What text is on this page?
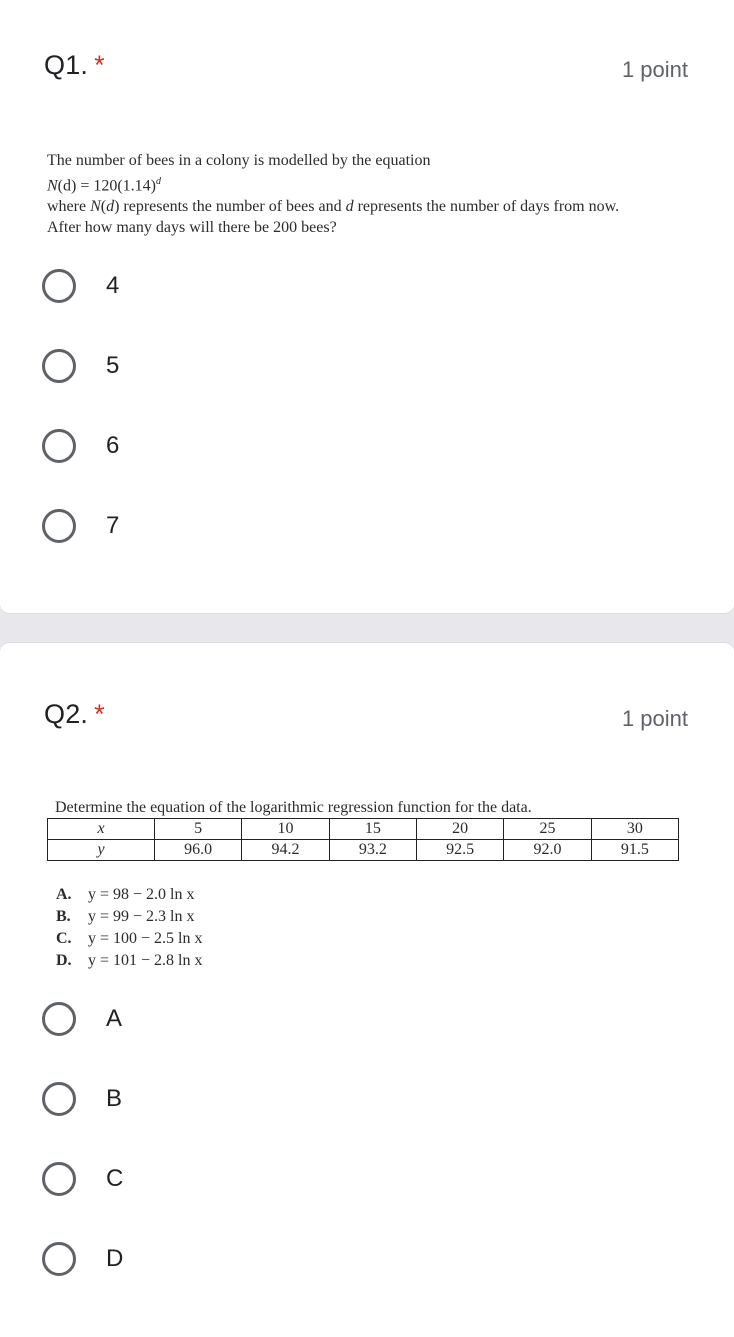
Q1. *	1 point
The number of bees in a colony is modelled by the equation
$N(d) = 120(1.14)^d$
where N(d) represents the number of bees and d represents the number of days from now.
After how many days will there be 200 bees?
4
5
6
7
Q2. *	1 point
Determine the equation of the logarithmic regression function for the data.
x	5	10	15	20	25	30
y	96.0	94.2	93.2	92.5	92.0	91.5
A.	y = 98 − 2.0 ln x
B.	y = 99 − 2.3 ln x
C.	y = 100 − 2.5 ln x
D.	y = 101 − 2.8 ln x
A
B
C
D
